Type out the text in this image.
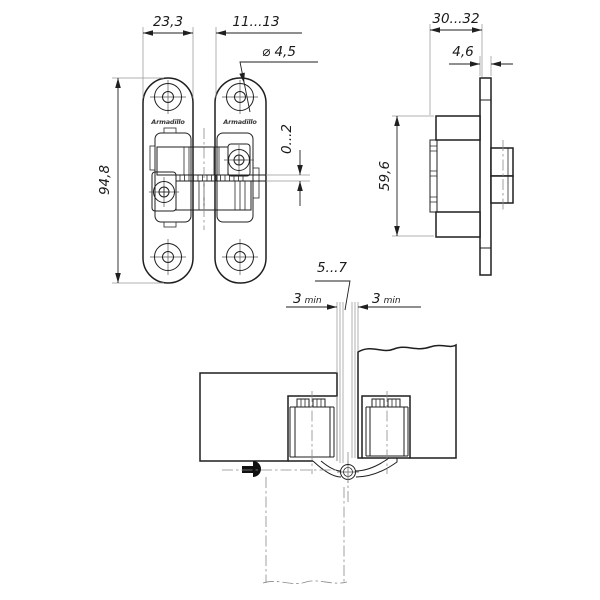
Armadillo	Armadillo
23,3	11...13
⌀ 4,5
94,8
0...2
30...32
4,6
59,6
5...7
3 min	3 min
